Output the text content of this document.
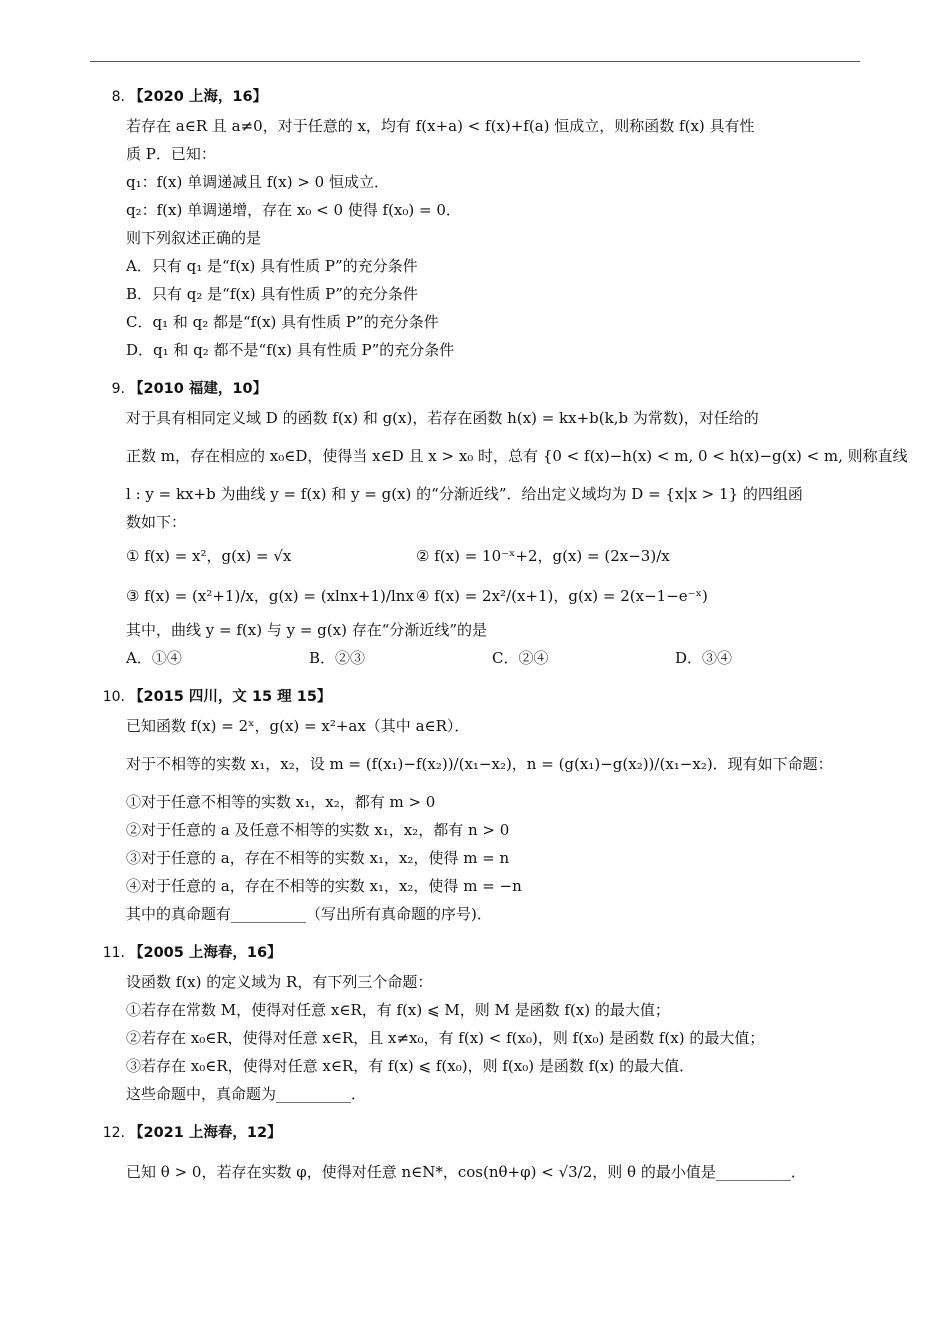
8. 【2020 上海，16】
若存在 a∈R 且 a≠0，对于任意的 x，均有 f(x+a) < f(x)+f(a) 恒成立，则称函数 f(x) 具有性
质 P．已知：
q₁：f(x) 单调递减且 f(x) > 0 恒成立．
q₂：f(x) 单调递增，存在 x₀ < 0 使得 f(x₀) = 0．
则下列叙述正确的是
A．只有 q₁ 是“f(x) 具有性质 P”的充分条件
B．只有 q₂ 是“f(x) 具有性质 P”的充分条件
C．q₁ 和 q₂ 都是“f(x) 具有性质 P”的充分条件
D．q₁ 和 q₂ 都不是“f(x) 具有性质 P”的充分条件
9. 【2010 福建，10】
对于具有相同定义域 D 的函数 f(x) 和 g(x)，若存在函数 h(x) = kx+b(k,b 为常数)，对任给的
正数 m，存在相应的 x₀∈D，使得当 x∈D 且 x > x₀ 时，总有 {0 < f(x)−h(x) < m, 0 < h(x)−g(x) < m, 则称直线
l : y = kx+b 为曲线 y = f(x) 和 y = g(x) 的“分渐近线”．给出定义域均为 D = {x|x > 1} 的四组函
数如下：
① f(x) = x²，g(x) = √x	② f(x) = 10⁻ˣ+2，g(x) = (2x−3)/x
③ f(x) = (x²+1)/x，g(x) = (xlnx+1)/lnx ④ f(x) = 2x²/(x+1)，g(x) = 2(x−1−e⁻ˣ)
其中，曲线 y = f(x) 与 y = g(x) 存在“分渐近线”的是
A．①④	B．②③	C．②④	D．③④
10. 【2015 四川，文 15 理 15】
已知函数 f(x) = 2ˣ，g(x) = x²+ax（其中 a∈R）．
对于不相等的实数 x₁，x₂，设 m = (f(x₁)−f(x₂))/(x₁−x₂)，n = (g(x₁)−g(x₂))/(x₁−x₂)．现有如下命题：
①对于任意不相等的实数 x₁，x₂，都有 m > 0
②对于任意的 a 及任意不相等的实数 x₁，x₂，都有 n > 0
③对于任意的 a，存在不相等的实数 x₁，x₂，使得 m = n
④对于任意的 a，存在不相等的实数 x₁，x₂，使得 m = −n
其中的真命题有__________（写出所有真命题的序号)．
11. 【2005 上海春，16】
设函数 f(x) 的定义域为 R，有下列三个命题：
①若存在常数 M，使得对任意 x∈R，有 f(x) ⩽ M，则 M 是函数 f(x) 的最大值；
②若存在 x₀∈R，使得对任意 x∈R，且 x≠x₀，有 f(x) < f(x₀)，则 f(x₀) 是函数 f(x) 的最大值；
③若存在 x₀∈R，使得对任意 x∈R，有 f(x) ⩽ f(x₀)，则 f(x₀) 是函数 f(x) 的最大值．
这些命题中，真命题为__________．
12. 【2021 上海春，12】
已知 θ > 0，若存在实数 φ，使得对任意 n∈N*，cos(nθ+φ) < √3/2，则 θ 的最小值是__________．
